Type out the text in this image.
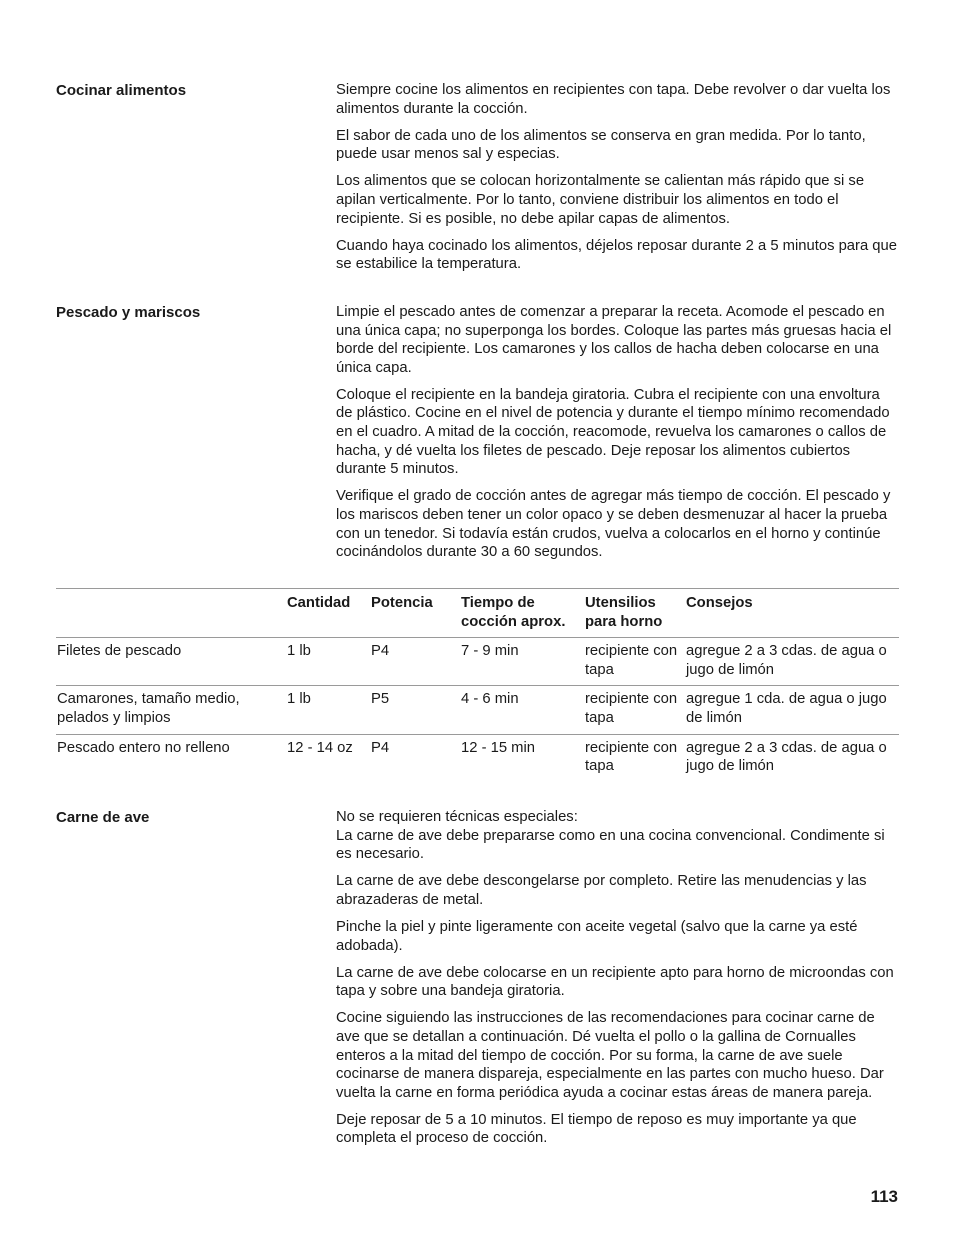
Cocinar alimentos	Siempre cocine los alimentos en recipientes con tapa. Debe revolver o dar vuelta los alimentos durante la cocción.

El sabor de cada uno de los alimentos se conserva en gran medida. Por lo tanto, puede usar menos sal y especias.

Los alimentos que se colocan horizontalmente se calientan más rápido que si se apilan verticalmente. Por lo tanto, conviene distribuir los alimentos en todo el recipiente. Si es posible, no debe apilar capas de alimentos.

Cuando haya cocinado los alimentos, déjelos reposar durante 2 a 5 minutos para que se estabilice la temperatura.

Pescado y mariscos	Limpie el pescado antes de comenzar a preparar la receta. Acomode el pescado en una única capa; no superponga los bordes. Coloque las partes más gruesas hacia el borde del recipiente. Los camarones y los callos de hacha deben colocarse en una única capa.

Coloque el recipiente en la bandeja giratoria. Cubra el recipiente con una envoltura de plástico. Cocine en el nivel de potencia y durante el tiempo mínimo recomendado en el cuadro. A mitad de la cocción, reacomode, revuelva los camarones o callos de hacha, y dé vuelta los filetes de pescado. Deje reposar los alimentos cubiertos durante 5 minutos.

Verifique el grado de cocción antes de agregar más tiempo de cocción. El pescado y los mariscos deben tener un color opaco y se deben desmenuzar al hacer la prueba con un tenedor. Si todavía están crudos, vuelva a colocarlos en el horno y continúe cocinándolos durante 30 a 60 segundos.

	Cantidad	Potencia	Tiempo de cocción aprox.	Utensilios para horno	Consejos
Filetes de pescado	1 lb	P4	7 - 9 min	recipiente con tapa	agregue 2 a 3 cdas. de agua o jugo de limón
Camarones, tamaño medio, pelados y limpios	1 lb	P5	4 - 6 min	recipiente con tapa	agregue 1 cda. de agua o jugo de limón
Pescado entero no relleno	12 - 14 oz	P4	12 - 15 min	recipiente con tapa	agregue 2 a 3 cdas. de agua o jugo de limón
Carne de ave	No se requieren técnicas especiales:
La carne de ave debe prepararse como en una cocina convencional. Condimente si es necesario.

La carne de ave debe descongelarse por completo. Retire las menudencias y las abrazaderas de metal.

Pinche la piel y pinte ligeramente con aceite vegetal (salvo que la carne ya esté adobada).

La carne de ave debe colocarse en un recipiente apto para horno de microondas con tapa y sobre una bandeja giratoria.

Cocine siguiendo las instrucciones de las recomendaciones para cocinar carne de ave que se detallan a continuación. Dé vuelta el pollo o la gallina de Cornualles enteros a la mitad del tiempo de cocción. Por su forma, la carne de ave suele cocinarse de manera dispareja, especialmente en las partes con mucho hueso. Dar vuelta la carne en forma periódica ayuda a cocinar estas áreas de manera pareja.

Deje reposar de 5 a 10 minutos. El tiempo de reposo es muy importante ya que completa el proceso de cocción.

113
